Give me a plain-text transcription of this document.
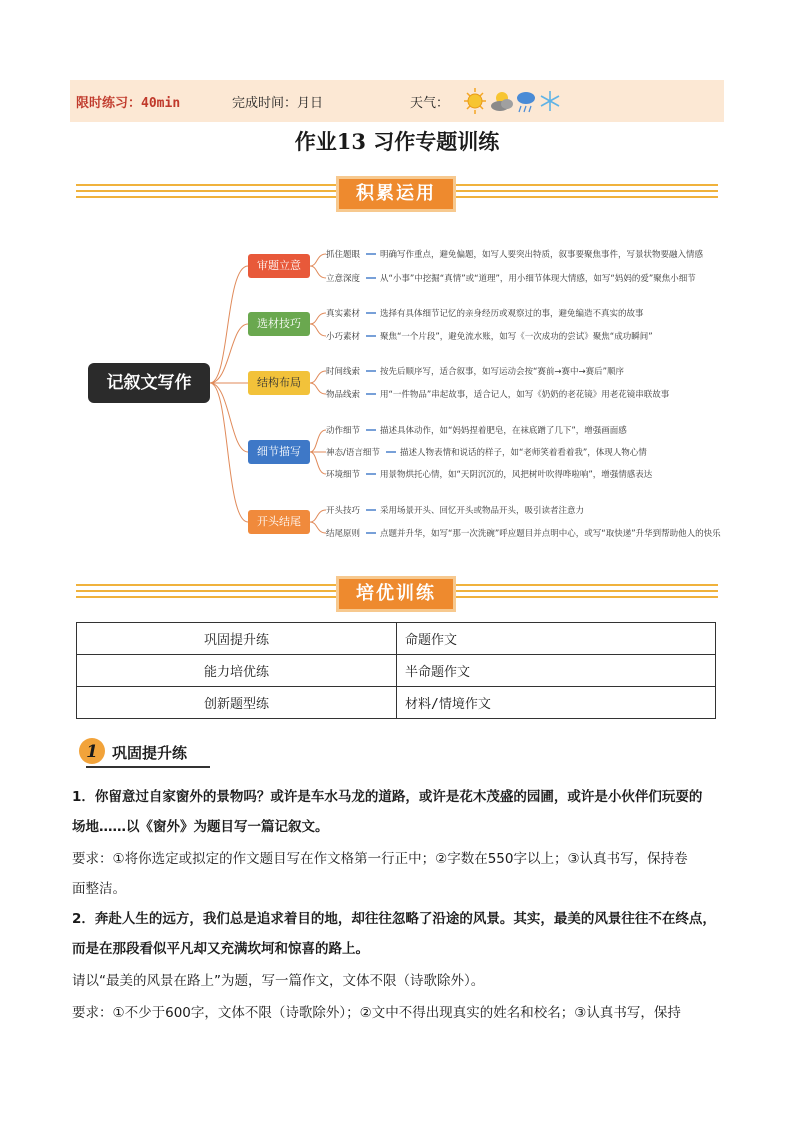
限时练习：40min	完成时间：月日	天气：
作业13 习作专题训练
积累运用
记叙文写作
审题立意
选材技巧
结构布局
细节描写
开头结尾
抓住题眼 明确写作重点，避免偏题，如写人要突出特质，叙事要聚焦事件，写景状物要融入情感
立意深度 从“小事”中挖掘“真情”或“道理”，用小细节体现大情感，如写“妈妈的爱”聚焦小细节
真实素材 选择有具体细节记忆的亲身经历或观察过的事，避免编造不真实的故事
小巧素材 聚焦“一个片段”，避免流水账，如写《一次成功的尝试》聚焦“成功瞬间”
时间线索 按先后顺序写，适合叙事，如写运动会按“赛前→赛中→赛后”顺序
物品线索 用“一件物品”串起故事，适合记人，如写《奶奶的老花镜》用老花镜串联故事
动作细节 描述具体动作，如“妈妈捏着肥皂，在袜底蹭了几下”，增强画面感
神态/语言细节 描述人物表情和说话的样子，如“老师笑着看着我”，体现人物心情
环境细节 用景物烘托心情，如“天阴沉沉的，风把树叶吹得哗啦响”，增强情感表达
开头技巧 采用场景开头、回忆开头或物品开头，吸引读者注意力
结尾原则 点题并升华，如写“那一次洗碗”呼应题目并点明中心，或写“取快递”升华到帮助他人的快乐
培优训练
巩固提升练	命题作文
能力培优练	半命题作文
创新题型练	材料/情境作文
1 巩固提升练
1．你留意过自家窗外的景物吗？或许是车水马龙的道路，或许是花木茂盛的园圃，或许是小伙伴们玩耍的
场地……以《窗外》为题目写一篇记叙文。
要求：①将你选定或拟定的作文题目写在作文格第一行正中；②字数在550字以上；③认真书写，保持卷
面整洁。
2．奔赴人生的远方，我们总是追求着目的地，却往往忽略了沿途的风景。其实，最美的风景往往不在终点，
而是在那段看似平凡却又充满坎坷和惊喜的路上。
请以“最美的风景在路上”为题，写一篇作文，文体不限（诗歌除外）。
要求：①不少于600字，文体不限（诗歌除外）；②文中不得出现真实的姓名和校名；③认真书写，保持
